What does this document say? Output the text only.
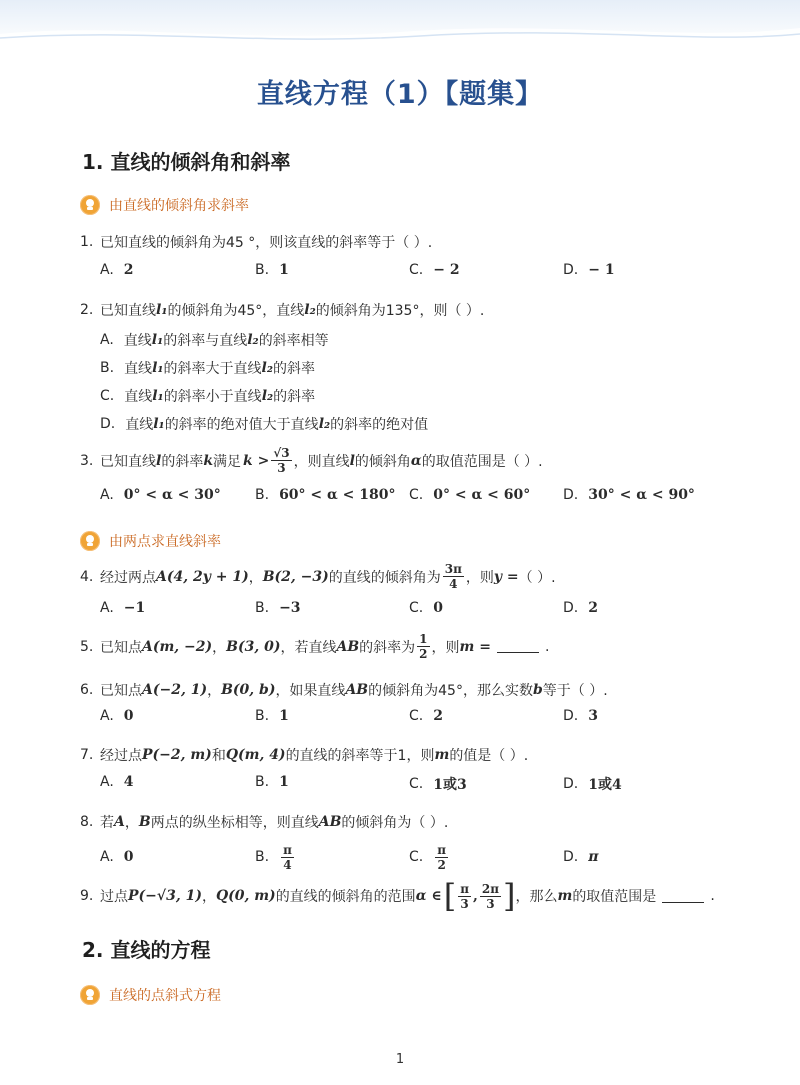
直线方程（1）【题集】
1. 直线的倾斜角和斜率
由直线的倾斜角求斜率
1. 已知直线的倾斜角为45 °，则该直线的斜率等于（ ）.
A. 2	B. 1	C. − 2	D. − 1
2. 已知直线 l₁ 的倾斜角为45°，直线 l₂ 的倾斜角为135°，则（ ）.
A. 直线 l₁ 的斜率与直线 l₂ 的斜率相等
B. 直线 l₁ 的斜率大于直线 l₂ 的斜率
C. 直线 l₁ 的斜率小于直线 l₂ 的斜率
D. 直线 l₁ 的斜率的绝对值大于直线 l₂ 的斜率的绝对值
3. 已知直线 l 的斜率 k 满足 $k > \frac{√3}{3}$ ，则直线 l 的倾斜角 α 的取值范围是（ ）.
A. 0° < α < 30° B. 60° < α < 180° C. 0° < α < 60° D. 30° < α < 90°
由两点求直线斜率
4. 经过两点 A(4, 2y + 1) ， B(2, −3) 的直线的倾斜角为 $\frac{3\pi}{4}$ ，则 y = （ ）.
A. −1	B. −3	C. 0	D. 2
5. 已知点 A(m, −2) ， B(3, 0) ，若直线 AB 的斜率为 $\frac{1}{2}$ ，则 m =	.
6. 已知点 A(−2, 1) ， B(0, b) ，如果直线 AB 的倾斜角为45°，那么实数 b 等于（ ）.
A. 0	B. 1	C. 2	D. 3
7. 经过点 P(−2, m) 和 Q(m, 4) 的直线的斜率等于1，则 m 的值是（ ）.
A. 4	B. 1	C. 1或3	D. 1或4
8. 若 A ， B 两点的纵坐标相等，则直线 AB 的倾斜角为（ ）.
A. 0	B. $\frac{\pi}{4}$	C. $\frac{\pi}{2}$	D. π
9. 过点 P(−√3, 1) ， Q(0, m) 的直线的倾斜角的范围 α ∈ [ $\frac{\pi}{3}$ , $\frac{2\pi}{3}$ ] ，那么 m 的取值范围是	.
2. 直线的方程
直线的点斜式方程
1
